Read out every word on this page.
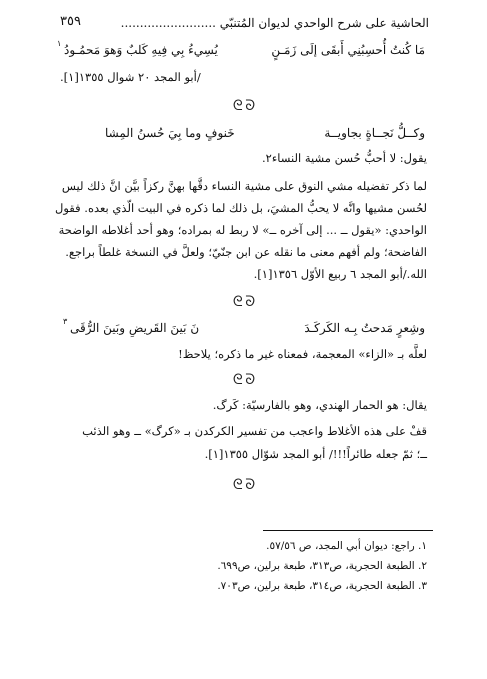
الحاشية على شرح الواحدي لديوان المُتنبّي .........................
٣٥٩
مَا كُنتُ أُحسِبُنِي أَبقَى إلَى زَمَـنٍ
يُسِيءُ بِي فِيهِ كَلبٌ وَهوَ مَحمُـودُ
١
/أبو المجد ٢٠ شوال ١٣٥٥[١].
ᘓ ᘐ
وكــلُّ نَجــاةٍ بجاويــة
خَنوفٍ وما بِيَ حُسنُ المِشا
يقول: لا أحبُّ حُسن مشية النساء٢.
لما ذكر تفضيله مشي النوق على مشية النساء دقَّها بهنَّ ركزاً بيَّن انَّ ذلك ليس
لحُسن مشيها وانَّه لا يحبُّ المشيَ، بل ذلك لما ذكره في البيت الّذي بعده. فقول
الواحدي: «يقول ــ ... إلى آخره ــ» لا ربط له بمراده؛ وهو أحد أغلاطه الواضحة
الفاضحة؛ ولم أفهم معنى ما نقله عن ابن جنّيّ؛ ولعلَّ في النسخة غلطاً براجع.
الله./أبو المجد ٦ ربيع الأوّل ١٣٥٦[١].
ᘓ ᘐ
وشِعرٍ مَدحتُ بِـه الكَركَـدَ
نَ بَينَ القَريضِ وبَينَ الرُّقَى
٣
لعلَّه بـ «الزاء» المعجمة، فمعناه غير ما ذكره؛ يلاحظ!
ᘓ ᘐ
يقال: هو الحمار الهندي، وهو بالفارسيّة: كَرگ.
قفْ على هذه الأغلاط واعجب من تفسير الكركدن بـ «كرگ» ــ وهو الذئب
ــ؛ ثمّ جعله طائراً!!!/ أبو المجد شوّال ١٣٥٥[١].
ᘓ ᘐ
١. راجع: ديوان أبي المجد، ص ٥٧/٥٦.
٢. الطبعة الحجرية، ص٣١٣، طبعة برلين، ص٦٩٩.
٣. الطبعة الحجرية، ص٣١٤، طبعة برلين، ص٧٠٣.
